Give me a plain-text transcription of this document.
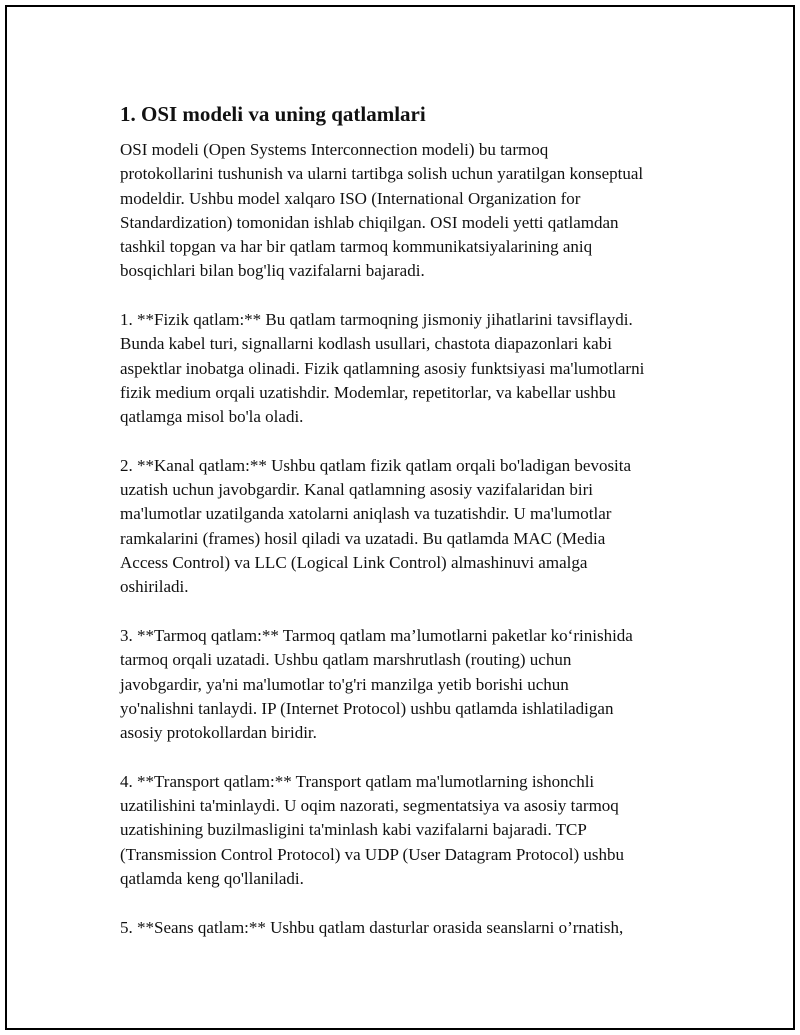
1. OSI modeli va uning qatlamlari

OSI modeli (Open Systems Interconnection modeli) bu tarmoq
protokollarini tushunish va ularni tartibga solish uchun yaratilgan konseptual
modeldir. Ushbu model xalqaro ISO (International Organization for
Standardization) tomonidan ishlab chiqilgan. OSI modeli yetti qatlamdan
tashkil topgan va har bir qatlam tarmoq kommunikatsiyalarining aniq
bosqichlari bilan bog'liq vazifalarni bajaradi.

1. **Fizik qatlam:** Bu qatlam tarmoqning jismoniy jihatlarini tavsiflaydi.
Bunda kabel turi, signallarni kodlash usullari, chastota diapazonlari kabi
aspektlar inobatga olinadi. Fizik qatlamning asosiy funktsiyasi ma'lumotlarni
fizik medium orqali uzatishdir. Modemlar, repetitorlar, va kabellar ushbu
qatlamga misol bo'la oladi.

2. **Kanal qatlam:** Ushbu qatlam fizik qatlam orqali bo'ladigan bevosita
uzatish uchun javobgardir. Kanal qatlamning asosiy vazifalaridan biri
ma'lumotlar uzatilganda xatolarni aniqlash va tuzatishdir. U ma'lumotlar
ramkalarini (frames) hosil qiladi va uzatadi. Bu qatlamda MAC (Media
Access Control) va LLC (Logical Link Control) almashinuvi amalga
oshiriladi.

3. **Tarmoq qatlam:** Tarmoq qatlam ma’lumotlarni paketlar ko‘rinishida
tarmoq orqali uzatadi. Ushbu qatlam marshrutlash (routing) uchun
javobgardir, ya'ni ma'lumotlar to'g'ri manzilga yetib borishi uchun
yo'nalishni tanlaydi. IP (Internet Protocol) ushbu qatlamda ishlatiladigan
asosiy protokollardan biridir.

4. **Transport qatlam:** Transport qatlam ma'lumotlarning ishonchli
uzatilishini ta'minlaydi. U oqim nazorati, segmentatsiya va asosiy tarmoq
uzatishining buzilmasligini ta'minlash kabi vazifalarni bajaradi. TCP
(Transmission Control Protocol) va UDP (User Datagram Protocol) ushbu
qatlamda keng qo'llaniladi.

5. **Seans qatlam:** Ushbu qatlam dasturlar orasida seanslarni o’rnatish,
